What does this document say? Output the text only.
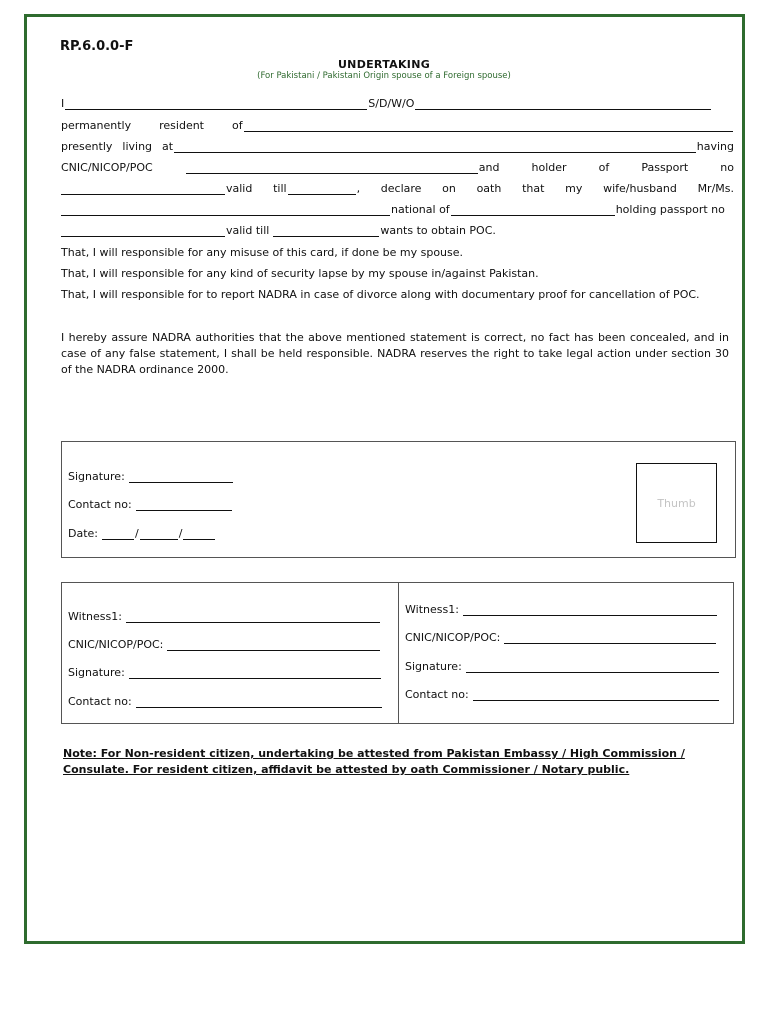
RP.6.0.0-F
UNDERTAKING
(For Pakistani / Pakistani Origin spouse of a Foreign spouse)
I	S/D/W/O
permanently	resident	of
presently living at	having
CNIC/NICOP/POC	and	holder	of	Passport	no
valid till	, declare on oath that my wife/husband Mr/Ms.
national of	holding passport no
valid till	wants to obtain POC.
That, I will responsible for any misuse of this card, if done be my spouse.
That, I will responsible for any kind of security lapse by my spouse in/against Pakistan.
That, I will responsible for to report NADRA in case of divorce along with documentary proof for cancellation of POC.
I hereby assure NADRA authorities that the above mentioned statement is correct, no fact has been concealed, and in case of any false statement, I shall be held responsible. NADRA reserves the right to take legal action under section 30 of the NADRA ordinance 2000.
Signature:
Contact no:
Date:	/	/
Thumb
Witness1:
CNIC/NICOP/POC:
Signature:
Contact no:
Witness1:
CNIC/NICOP/POC:
Signature:
Contact no:
Note: For Non-resident citizen, undertaking be attested from Pakistan Embassy / High Commission / Consulate. For resident citizen, affidavit be attested by oath Commissioner / Notary public.
